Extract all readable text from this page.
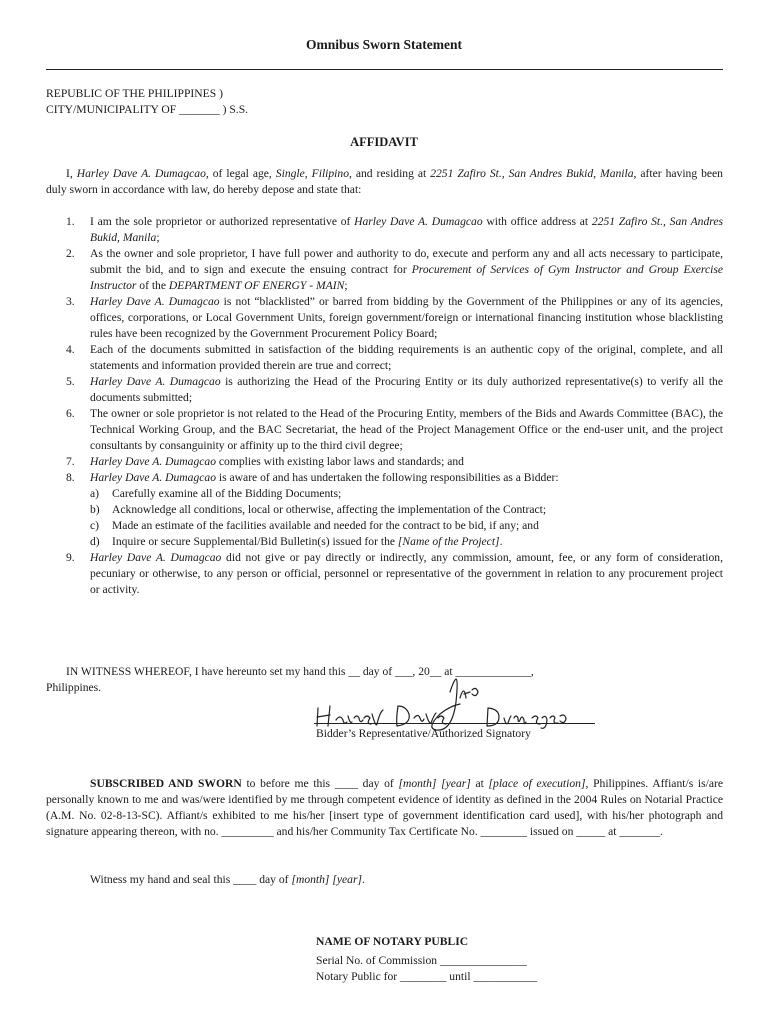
Omnibus Sworn Statement
REPUBLIC OF THE PHILIPPINES )
CITY/MUNICIPALITY OF _______ ) S.S.
AFFIDAVIT
I, Harley Dave A. Dumagcao, of legal age, Single, Filipino, and residing at 2251 Zafiro St., San Andres Bukid, Manila, after having been duly sworn in accordance with law, do hereby depose and state that:
1. I am the sole proprietor or authorized representative of Harley Dave A. Dumagcao with office address at 2251 Zafiro St., San Andres Bukid, Manila;
2. As the owner and sole proprietor, I have full power and authority to do, execute and perform any and all acts necessary to participate, submit the bid, and to sign and execute the ensuing contract for Procurement of Services of Gym Instructor and Group Exercise Instructor of the DEPARTMENT OF ENERGY - MAIN;
3. Harley Dave A. Dumagcao is not “blacklisted” or barred from bidding by the Government of the Philippines or any of its agencies, offices, corporations, or Local Government Units, foreign government/foreign or international financing institution whose blacklisting rules have been recognized by the Government Procurement Policy Board;
4. Each of the documents submitted in satisfaction of the bidding requirements is an authentic copy of the original, complete, and all statements and information provided therein are true and correct;
5. Harley Dave A. Dumagcao is authorizing the Head of the Procuring Entity or its duly authorized representative(s) to verify all the documents submitted;
6. The owner or sole proprietor is not related to the Head of the Procuring Entity, members of the Bids and Awards Committee (BAC), the Technical Working Group, and the BAC Secretariat, the head of the Project Management Office or the end-user unit, and the project consultants by consanguinity or affinity up to the third civil degree;
7. Harley Dave A. Dumagcao complies with existing labor laws and standards; and
8. Harley Dave A. Dumagcao is aware of and has undertaken the following responsibilities as a Bidder:
a) Carefully examine all of the Bidding Documents;
b) Acknowledge all conditions, local or otherwise, affecting the implementation of the Contract;
c) Made an estimate of the facilities available and needed for the contract to be bid, if any; and
d) Inquire or secure Supplemental/Bid Bulletin(s) issued for the [Name of the Project].
9. Harley Dave A. Dumagcao did not give or pay directly or indirectly, any commission, amount, fee, or any form of consideration, pecuniary or otherwise, to any person or official, personnel or representative of the government in relation to any procurement project or activity.
IN WITNESS WHEREOF, I have hereunto set my hand this __ day of ___, 20__ at _____________,
Philippines.
Bidder’s Representative/Authorized Signatory
SUBSCRIBED AND SWORN to before me this ____ day of [month] [year] at [place of execution], Philippines. Affiant/s is/are personally known to me and was/were identified by me through competent evidence of identity as defined in the 2004 Rules on Notarial Practice (A.M. No. 02-8-13-SC). Affiant/s exhibited to me his/her [insert type of government identification card used], with his/her photograph and signature appearing thereon, with no. _________ and his/her Community Tax Certificate No. ________ issued on _____ at _______.
Witness my hand and seal this ____ day of [month] [year].
NAME OF NOTARY PUBLIC
Serial No. of Commission _______________
Notary Public for ________ until ___________
